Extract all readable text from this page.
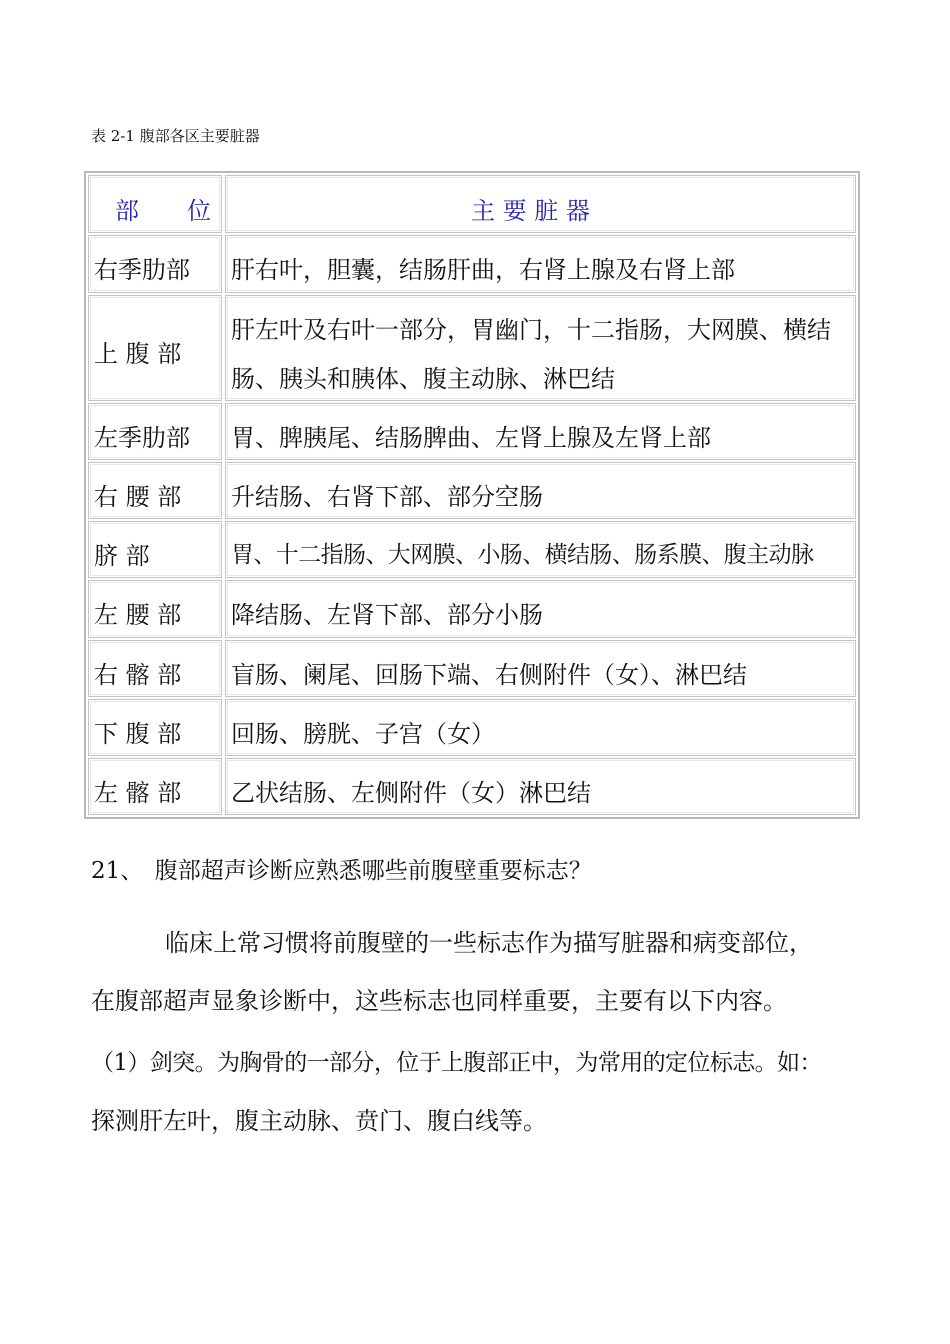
表 2-1 腹部各区主要脏器
部　　位	主 要 脏 器
右季肋部 肝右叶，胆囊，结肠肝曲，右肾上腺及右肾上部
上 腹 部
肝左叶及右叶一部分，胃幽门，十二指肠，大网膜、横结
肠、胰头和胰体、腹主动脉、淋巴结
左季肋部 胃、脾胰尾、结肠脾曲、左肾上腺及左肾上部
右 腰 部 升结肠、右肾下部、部分空肠
脐 部	胃、十二指肠、大网膜、小肠、横结肠、肠系膜、腹主动脉
左 腰 部 降结肠、左肾下部、部分小肠
右 髂 部 盲肠、阑尾、回肠下端、右侧附件（女）、淋巴结
下 腹 部 回肠、膀胱、子宫（女）
左 髂 部 乙状结肠、左侧附件（女）淋巴结
21、　腹部超声诊断应熟悉哪些前腹壁重要标志？
临床上常习惯将前腹壁的一些标志作为描写脏器和病变部位，
在腹部超声显象诊断中，这些标志也同样重要，主要有以下内容。
（1）剑突。为胸骨的一部分，位于上腹部正中，为常用的定位标志。如：
探测肝左叶，腹主动脉、贲门、腹白线等。
